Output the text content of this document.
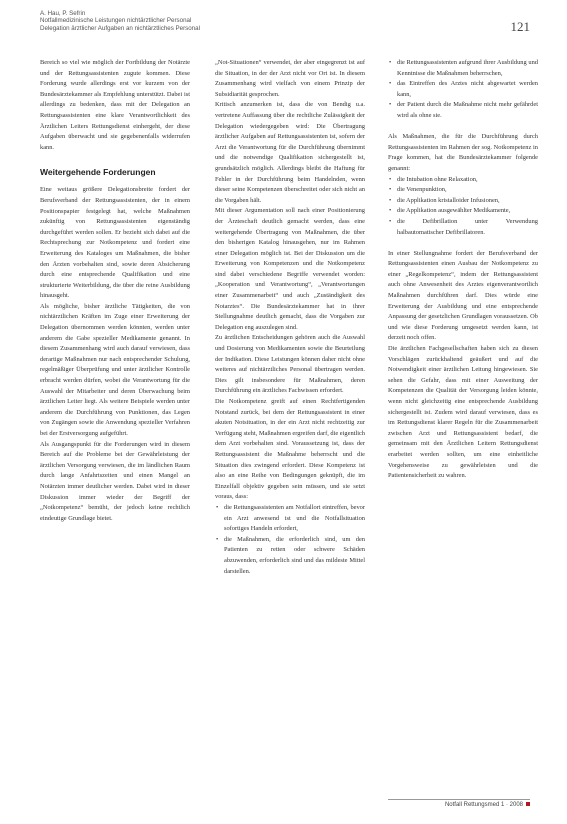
A. Hau, P. Sefrin
Notfallmedizinische Leistungen nichtärztlicher Personal
Delegation ärztlicher Aufgaben an nichtärztliches Personal	121

Bereich so viel wie möglich der Fortbildung der Notärzte und der Rettungsassistenten zugute kommen. Diese Forderung wurde allerdings erst vor kurzem von der Bundesärztekammer als Empfehlung unterstützt. Dabei ist allerdings zu bedenken, dass mit der Delegation an Rettungsassistenten eine klare Verantwortlichkeit des Ärztlichen Leiters Rettungsdienst einhergeht, der diese Aufgaben überwacht und sie gegebenenfalls widerrufen kann.

Weitergehende Forderungen

Eine weitaus größere Delegationsbreite fordert der Berufsverband der Rettungsassistenten, der in einem Positionspapier festgelegt hat, welche Maßnahmen zukünftig von Rettungsassistenten eigenständig durchgeführt werden sollen. Er bezieht sich dabei auf die Rechtsprechung zur Notkompetenz und fordert eine Erweiterung des Kataloges um Maßnahmen, die bisher den Ärzten vorbehalten sind, sowie deren Absicherung durch eine entsprechende Qualifikation und eine strukturierte Weiterbildung, die über die reine Ausbildung hinausgeht.

Als mögliche, bisher ärztliche Tätigkeiten, die von nichtärztlichen Kräften im Zuge einer Erweiterung der Delegation übernommen werden könnten, werden unter anderem die Gabe spezieller Medikamente genannt. In diesem Zusammenhang wird auch darauf verwiesen, dass derartige Maßnahmen nur nach entsprechender Schulung, regelmäßiger Überprüfung und unter ärztlicher Kontrolle erbracht werden dürfen, wobei die Verantwortung für die Auswahl der Mitarbeiter und deren Überwachung beim ärztlichen Leiter liegt. Als weitere Beispiele werden unter anderem die Durchführung von Punktionen, das Legen von Zugängen sowie die Anwendung spezieller Verfahren bei der Erstversorgung aufgeführt.

Als Ausgangspunkt für die Forderungen wird in diesem Bereich auf die Probleme bei der Gewährleistung der ärztlichen Versorgung verwiesen, die im ländlichen Raum durch lange Anfahrtszeiten und einen Mangel an Notärzten immer deutlicher werden. Dabei wird in dieser Diskussion immer wieder der Begriff der „Notkompetenz“ bemüht, der jedoch keine rechtlich eindeutige Grundlage bietet.

„Not-Situationen“ verwendet, der aber eingegrenzt ist auf die Situation, in der der Arzt nicht vor Ort ist. In diesem Zusammenhang wird vielfach von einem Prinzip der Subsidiarität gesprochen.

Kritisch anzumerken ist, dass die von Bendig u.a. vertretene Auffassung über die rechtliche Zulässigkeit der Delegation wiedergegeben wird: Die Übertragung ärztlicher Aufgaben auf Rettungsassistenten ist, sofern der Arzt die Verantwortung für die Durchführung übernimmt und die notwendige Qualifikation sichergestellt ist, grundsätzlich möglich. Allerdings bleibt die Haftung für Fehler in der Durchführung beim Handelnden, wenn dieser seine Kompetenzen überschreitet oder sich nicht an die Vorgaben hält.

Mit dieser Argumentation soll nach einer Positionierung der Ärzteschaft deutlich gemacht werden, dass eine weitergehende Übertragung von Maßnahmen, die über den bisherigen Katalog hinausgehen, nur im Rahmen einer Delegation möglich ist. Bei der Diskussion um die Erweiterung von Kompetenzen und die Notkompetenz sind dabei verschiedene Begriffe verwendet worden: „Kooperation und Verantwortung“, „Verantwortungen einer Zusammenarbeit“ und auch „Zuständigkeit des Notarztes“. Die Bundesärztekammer hat in ihrer Stellungnahme deutlich gemacht, dass die Vorgaben zur Delegation eng auszulegen sind.

Zu ärztlichen Entscheidungen gehören auch die Auswahl und Dosierung von Medikamenten sowie die Beurteilung der Indikation. Diese Leistungen können daher nicht ohne weiteres auf nichtärztliches Personal übertragen werden. Dies gilt insbesondere für Maßnahmen, deren Durchführung ein ärztliches Fachwissen erfordert.

Die Notkompetenz greift auf einen Rechtfertigenden Notstand zurück, bei dem der Rettungsassistent in einer akuten Notsituation, in der ein Arzt nicht rechtzeitig zur Verfügung steht, Maßnahmen ergreifen darf, die eigentlich dem Arzt vorbehalten sind. Voraussetzung ist, dass der Rettungsassistent die Maßnahme beherrscht und die Situation dies zwingend erfordert. Diese Kompetenz ist also an eine Reihe von Bedingungen geknüpft, die im Einzelfall objektiv gegeben sein müssen, und sie setzt voraus, dass:

• die Rettungsassistenten am Notfallort eintreffen, bevor ein Arzt anwesend ist und die Notfallsituation sofortiges Handeln erfordert,
• die Maßnahmen, die erforderlich sind, um den Patienten zu retten oder schwere Schäden abzuwenden, erforderlich sind und das mildeste Mittel darstellen.
• die Rettungsassistenten aufgrund ihrer Ausbildung und Kenntnisse die Maßnahmen beherrschen,
• das Eintreffen des Arztes nicht abgewartet werden kann,
• der Patient durch die Maßnahme nicht mehr gefährdet wird als ohne sie.

Als Maßnahmen, die für die Durchführung durch Rettungsassistenten im Rahmen der sog. Notkompetenz in Frage kommen, hat die Bundesärztekammer folgende genannt:

• die Intubation ohne Relaxation,
• die Venenpunktion,
• die Applikation kristalloider Infusionen,
• die Applikation ausgewählter Medikamente,
• die Defibrillation unter Verwendung halbautomatischer Defibrillatoren.

In einer Stellungnahme fordert der Berufsverband der Rettungsassistenten einen Ausbau der Notkompetenz zu einer „Regelkompetenz“, indem der Rettungsassistent auch ohne Anwesenheit des Arztes eigenverantwortlich Maßnahmen durchführen darf. Dies würde eine Erweiterung der Ausbildung und eine entsprechende Anpassung der gesetzlichen Grundlagen voraussetzen. Ob und wie diese Forderung umgesetzt werden kann, ist derzeit noch offen.

Die ärztlichen Fachgesellschaften haben sich zu diesen Vorschlägen zurückhaltend geäußert und auf die Notwendigkeit einer ärztlichen Leitung hingewiesen. Sie sehen die Gefahr, dass mit einer Ausweitung der Kompetenzen die Qualität der Versorgung leiden könnte, wenn nicht gleichzeitig eine entsprechende Ausbildung sichergestellt ist. Zudem wird darauf verwiesen, dass es im Rettungsdienst klarer Regeln für die Zusammenarbeit zwischen Arzt und Rettungsassistent bedarf, die gemeinsam mit den Ärztlichen Leitern Rettungsdienst erarbeitet werden sollten, um eine einheitliche Vorgehensweise zu gewährleisten und die Patientensicherheit zu wahren.

Notfall Rettungsmed 1 · 2008
